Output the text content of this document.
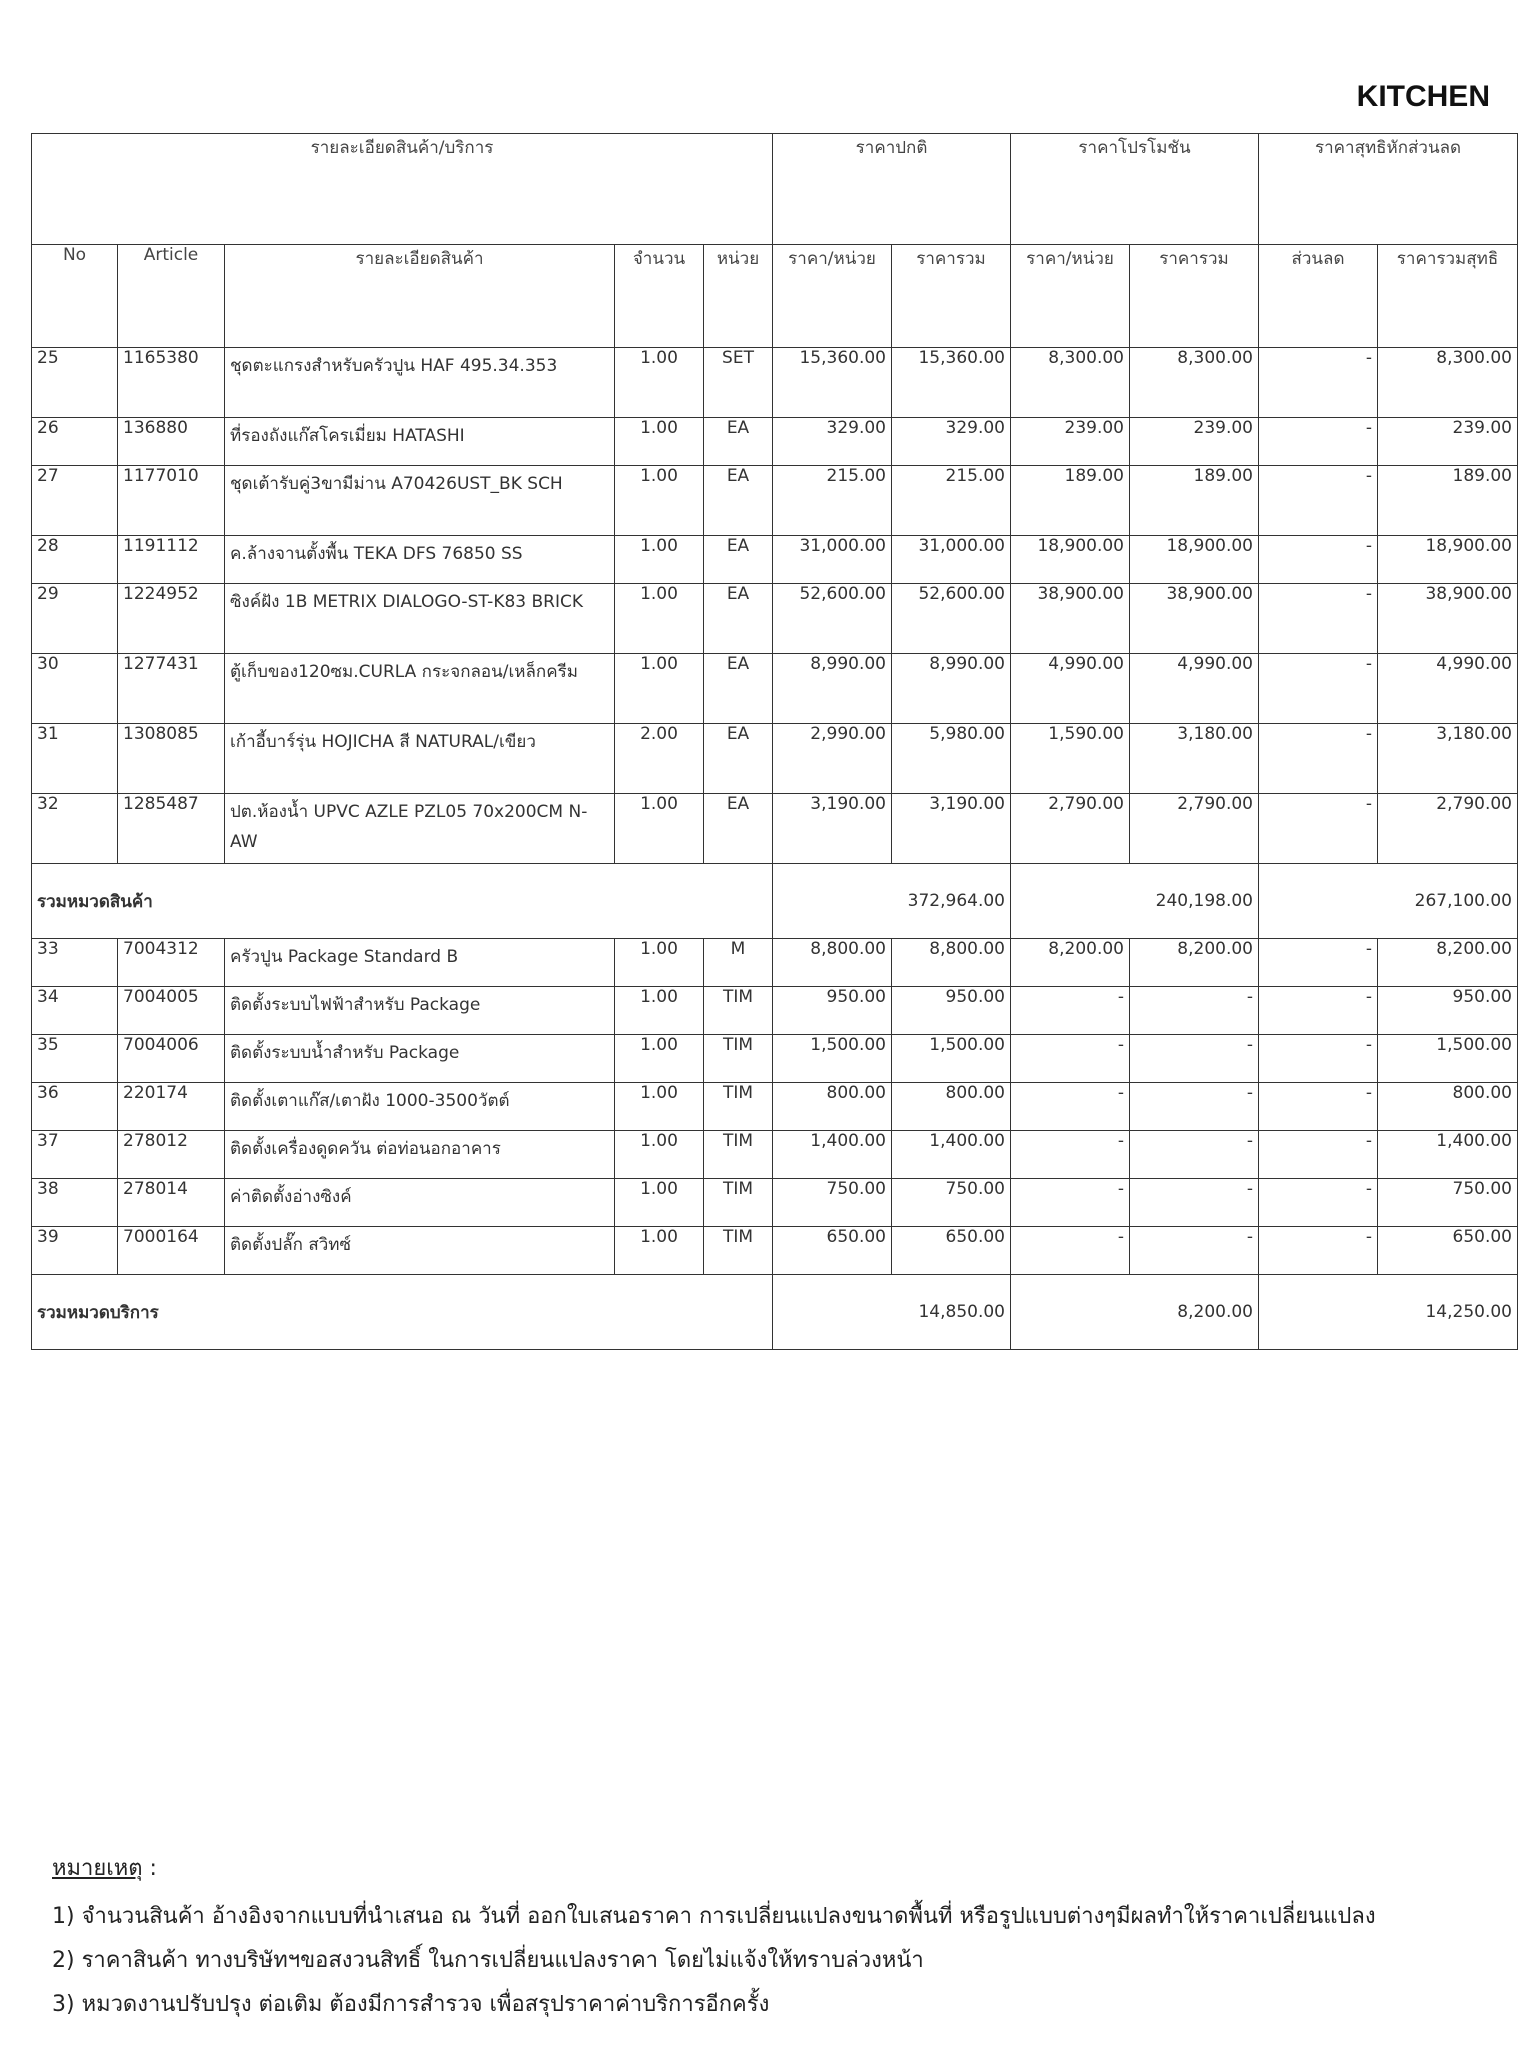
KITCHEN
รายละเอียดสินค้า/บริการ					ราคาปกติ		ราคาโปรโมชัน		ราคาสุทธิหักส่วนลด	
No	Article	รายละเอียดสินค้า	จำนวน	หน่วย	ราคา/หน่วย	ราคารวม	ราคา/หน่วย	ราคารวม	ส่วนลด	ราคารวมสุทธิ
25	1165380	ชุดตะแกรงสำหรับครัวปูน HAF 495.34.353	1.00	SET	15,360.00	15,360.00	8,300.00	8,300.00	-	8,300.00
26	136880	ที่รองถังแก๊สโครเมี่ยม HATASHI	1.00	EA	329.00	329.00	239.00	239.00	-	239.00
27	1177010	ชุดเต้ารับคู่3ขามีม่าน A70426UST_BK SCH	1.00	EA	215.00	215.00	189.00	189.00	-	189.00
28	1191112	ค.ล้างจานตั้งพื้น TEKA DFS 76850 SS	1.00	EA	31,000.00	31,000.00	18,900.00	18,900.00	-	18,900.00
29	1224952	ซิงค์ฝัง 1B METRIX DIALOGO-ST-K83 BRICK	1.00	EA	52,600.00	52,600.00	38,900.00	38,900.00	-	38,900.00
30	1277431	ตู้เก็บของ120ซม.CURLA กระจกลอน/เหล็กครีม	1.00	EA	8,990.00	8,990.00	4,990.00	4,990.00	-	4,990.00
31	1308085	เก้าอี้บาร์รุ่น HOJICHA สี NATURAL/เขียว	2.00	EA	2,990.00	5,980.00	1,590.00	3,180.00	-	3,180.00
32	1285487	ปต.ห้องน้ำ UPVC AZLE PZL05 70x200CM N-AW	1.00	EA	3,190.00	3,190.00	2,790.00	2,790.00	-	2,790.00
รวมหมวดสินค้า					372,964.00		240,198.00		267,100.00	
33	7004312	ครัวปูน Package Standard B	1.00	M	8,800.00	8,800.00	8,200.00	8,200.00	-	8,200.00
34	7004005	ติดตั้งระบบไฟฟ้าสำหรับ Package	1.00	TIM	950.00	950.00	-	-	-	950.00
35	7004006	ติดตั้งระบบน้ำสำหรับ Package	1.00	TIM	1,500.00	1,500.00	-	-	-	1,500.00
36	220174	ติดตั้งเตาแก๊ส/เตาฝัง 1000-3500วัตต์	1.00	TIM	800.00	800.00	-	-	-	800.00
37	278012	ติดตั้งเครื่องดูดควัน ต่อท่อนอกอาคาร	1.00	TIM	1,400.00	1,400.00	-	-	-	1,400.00
38	278014	ค่าติดตั้งอ่างซิงค์	1.00	TIM	750.00	750.00	-	-	-	750.00
39	7000164	ติดตั้งปลั๊ก สวิทซ์	1.00	TIM	650.00	650.00	-	-	-	650.00
รวมหมวดบริการ					14,850.00		8,200.00		14,250.00	
หมายเหตุ :
1) จำนวนสินค้า อ้างอิงจากแบบที่นำเสนอ ณ วันที่ ออกใบเสนอราคา การเปลี่ยนแปลงขนาดพื้นที่ หรือรูปแบบต่างๆมีผลทำให้ราคาเปลี่ยนแปลง
2) ราคาสินค้า ทางบริษัทฯขอสงวนสิทธิ์ ในการเปลี่ยนแปลงราคา โดยไม่แจ้งให้ทราบล่วงหน้า
3) หมวดงานปรับปรุง ต่อเติม ต้องมีการสำรวจ เพื่อสรุปราคาค่าบริการอีกครั้ง
